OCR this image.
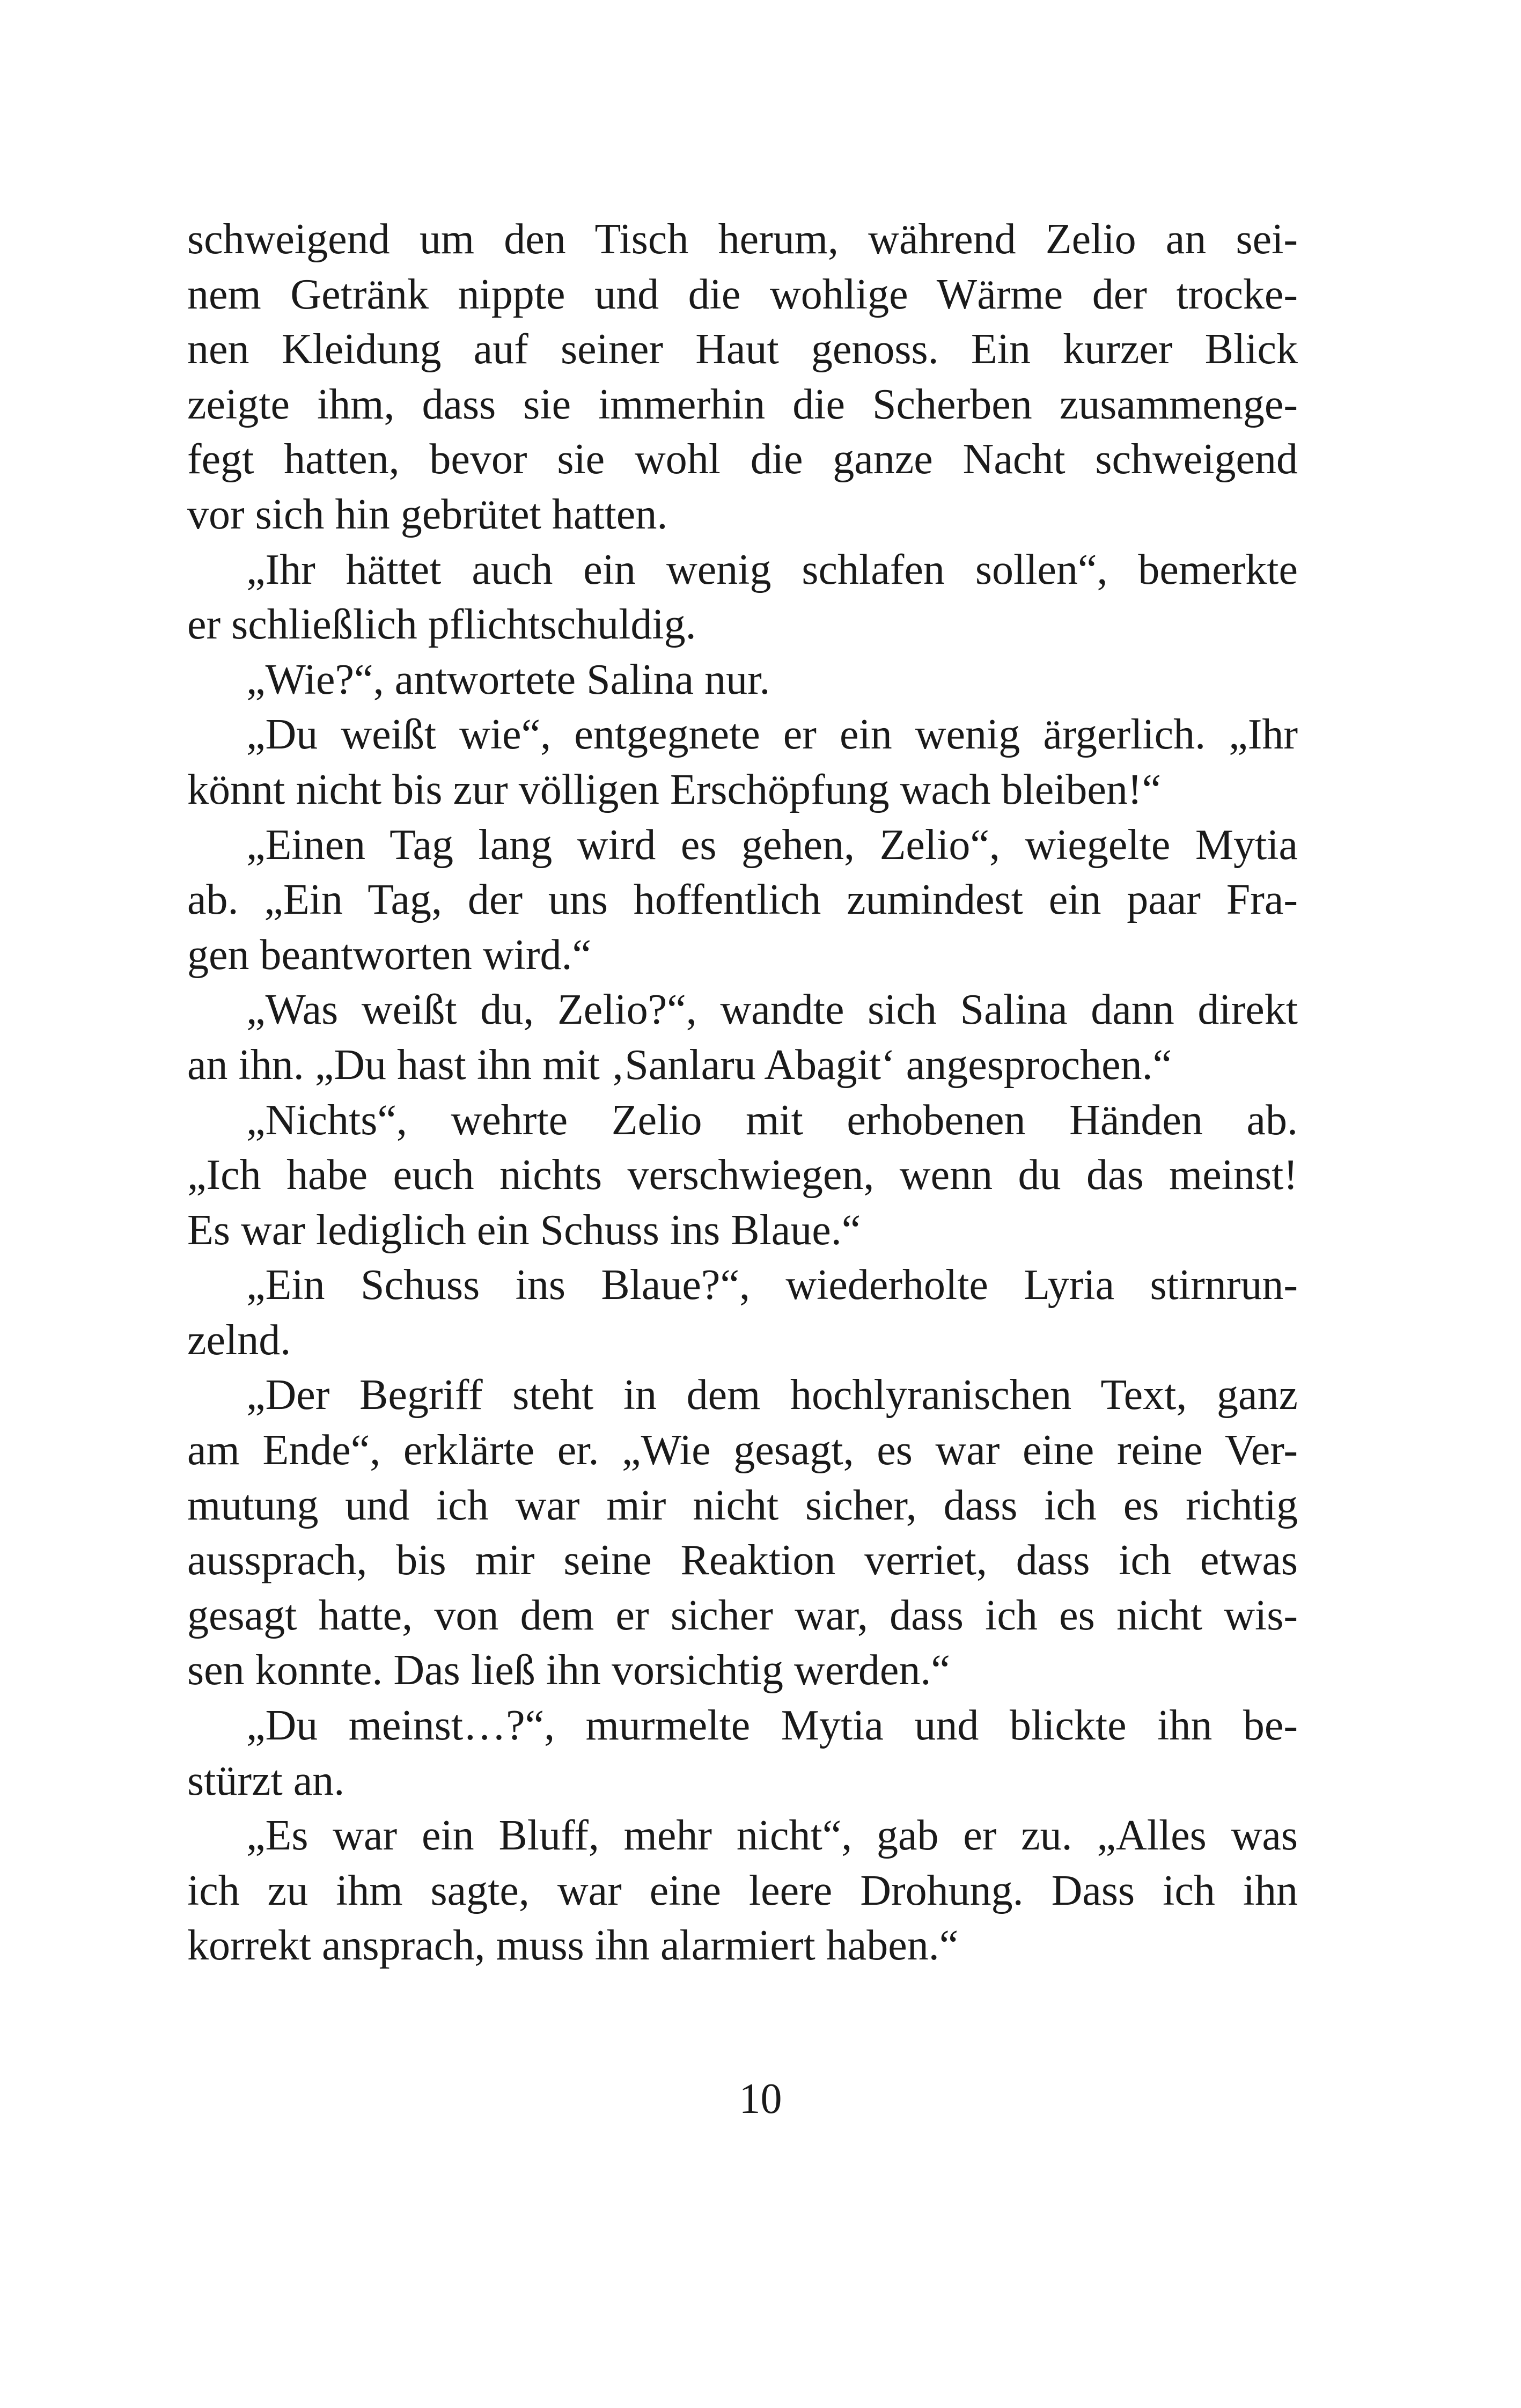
schweigend um den Tisch herum, während Zelio an sei-
nem Getränk nippte und die wohlige Wärme der trocke-
nen Kleidung auf seiner Haut genoss. Ein kurzer Blick
zeigte ihm, dass sie immerhin die Scherben zusammenge-
fegt hatten, bevor sie wohl die ganze Nacht schweigend
vor sich hin gebrütet hatten.
„Ihr hättet auch ein wenig schlafen sollen“, bemerkte
er schließlich pflichtschuldig.
„Wie?“, antwortete Salina nur.
„Du weißt wie“, entgegnete er ein wenig ärgerlich. „Ihr
könnt nicht bis zur völligen Erschöpfung wach bleiben!“
„Einen Tag lang wird es gehen, Zelio“, wiegelte Mytia
ab. „Ein Tag, der uns hoffentlich zumindest ein paar Fra-
gen beantworten wird.“
„Was weißt du, Zelio?“, wandte sich Salina dann direkt
an ihn. „Du hast ihn mit ‚Sanlaru Abagit‘ angesprochen.“
„Nichts“, wehrte Zelio mit erhobenen Händen ab.
„Ich habe euch nichts verschwiegen, wenn du das meinst!
Es war lediglich ein Schuss ins Blaue.“
„Ein Schuss ins Blaue?“, wiederholte Lyria stirnrun-
zelnd.
„Der Begriff steht in dem hochlyranischen Text, ganz
am Ende“, erklärte er. „Wie gesagt, es war eine reine Ver-
mutung und ich war mir nicht sicher, dass ich es richtig
aussprach, bis mir seine Reaktion verriet, dass ich etwas
gesagt hatte, von dem er sicher war, dass ich es nicht wis-
sen konnte. Das ließ ihn vorsichtig werden.“
„Du meinst…?“, murmelte Mytia und blickte ihn be-
stürzt an.
„Es war ein Bluff, mehr nicht“, gab er zu. „Alles was
ich zu ihm sagte, war eine leere Drohung. Dass ich ihn
korrekt ansprach, muss ihn alarmiert haben.“
10
